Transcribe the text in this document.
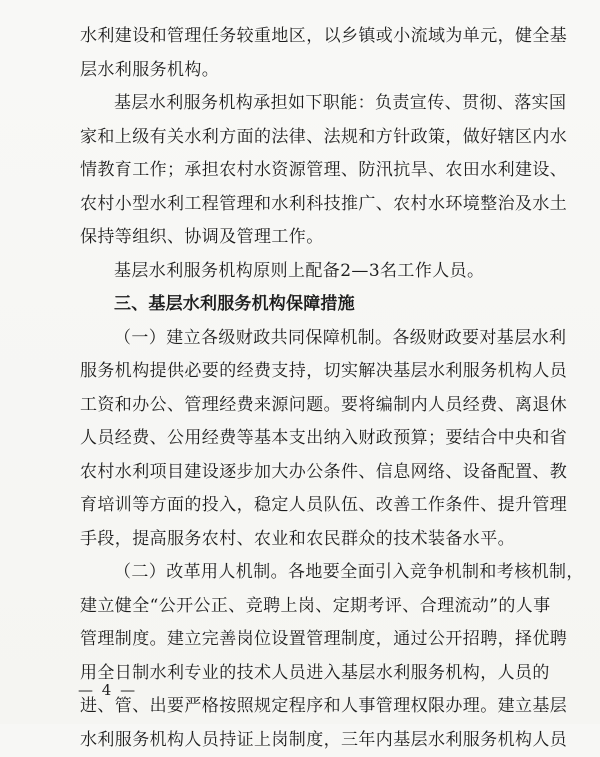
水利建设和管理任务较重地区，以乡镇或小流域为单元，健全基
层水利服务机构。
基层水利服务机构承担如下职能：负责宣传、贯彻、落实国
家和上级有关水利方面的法律、法规和方针政策，做好辖区内水
情教育工作；承担农村水资源管理、防汛抗旱、农田水利建设、
农村小型水利工程管理和水利科技推广、农村水环境整治及水土
保持等组织、协调及管理工作。
基层水利服务机构原则上配备2—3名工作人员。
三、基层水利服务机构保障措施
（一）建立各级财政共同保障机制。各级财政要对基层水利
服务机构提供必要的经费支持，切实解决基层水利服务机构人员
工资和办公、管理经费来源问题。要将编制内人员经费、离退休
人员经费、公用经费等基本支出纳入财政预算；要结合中央和省
农村水利项目建设逐步加大办公条件、信息网络、设备配置、教
育培训等方面的投入，稳定人员队伍、改善工作条件、提升管理
手段，提高服务农村、农业和农民群众的技术装备水平。
（二）改革用人机制。各地要全面引入竞争机制和考核机制，
建立健全“公开公正、竞聘上岗、定期考评、合理流动”的人事
管理制度。建立完善岗位设置管理制度，通过公开招聘，择优聘
用全日制水利专业的技术人员进入基层水利服务机构，人员的
进、管、出要严格按照规定程序和人事管理权限办理。建立基层
水利服务机构人员持证上岗制度，三年内基层水利服务机构人员
— 4 —
